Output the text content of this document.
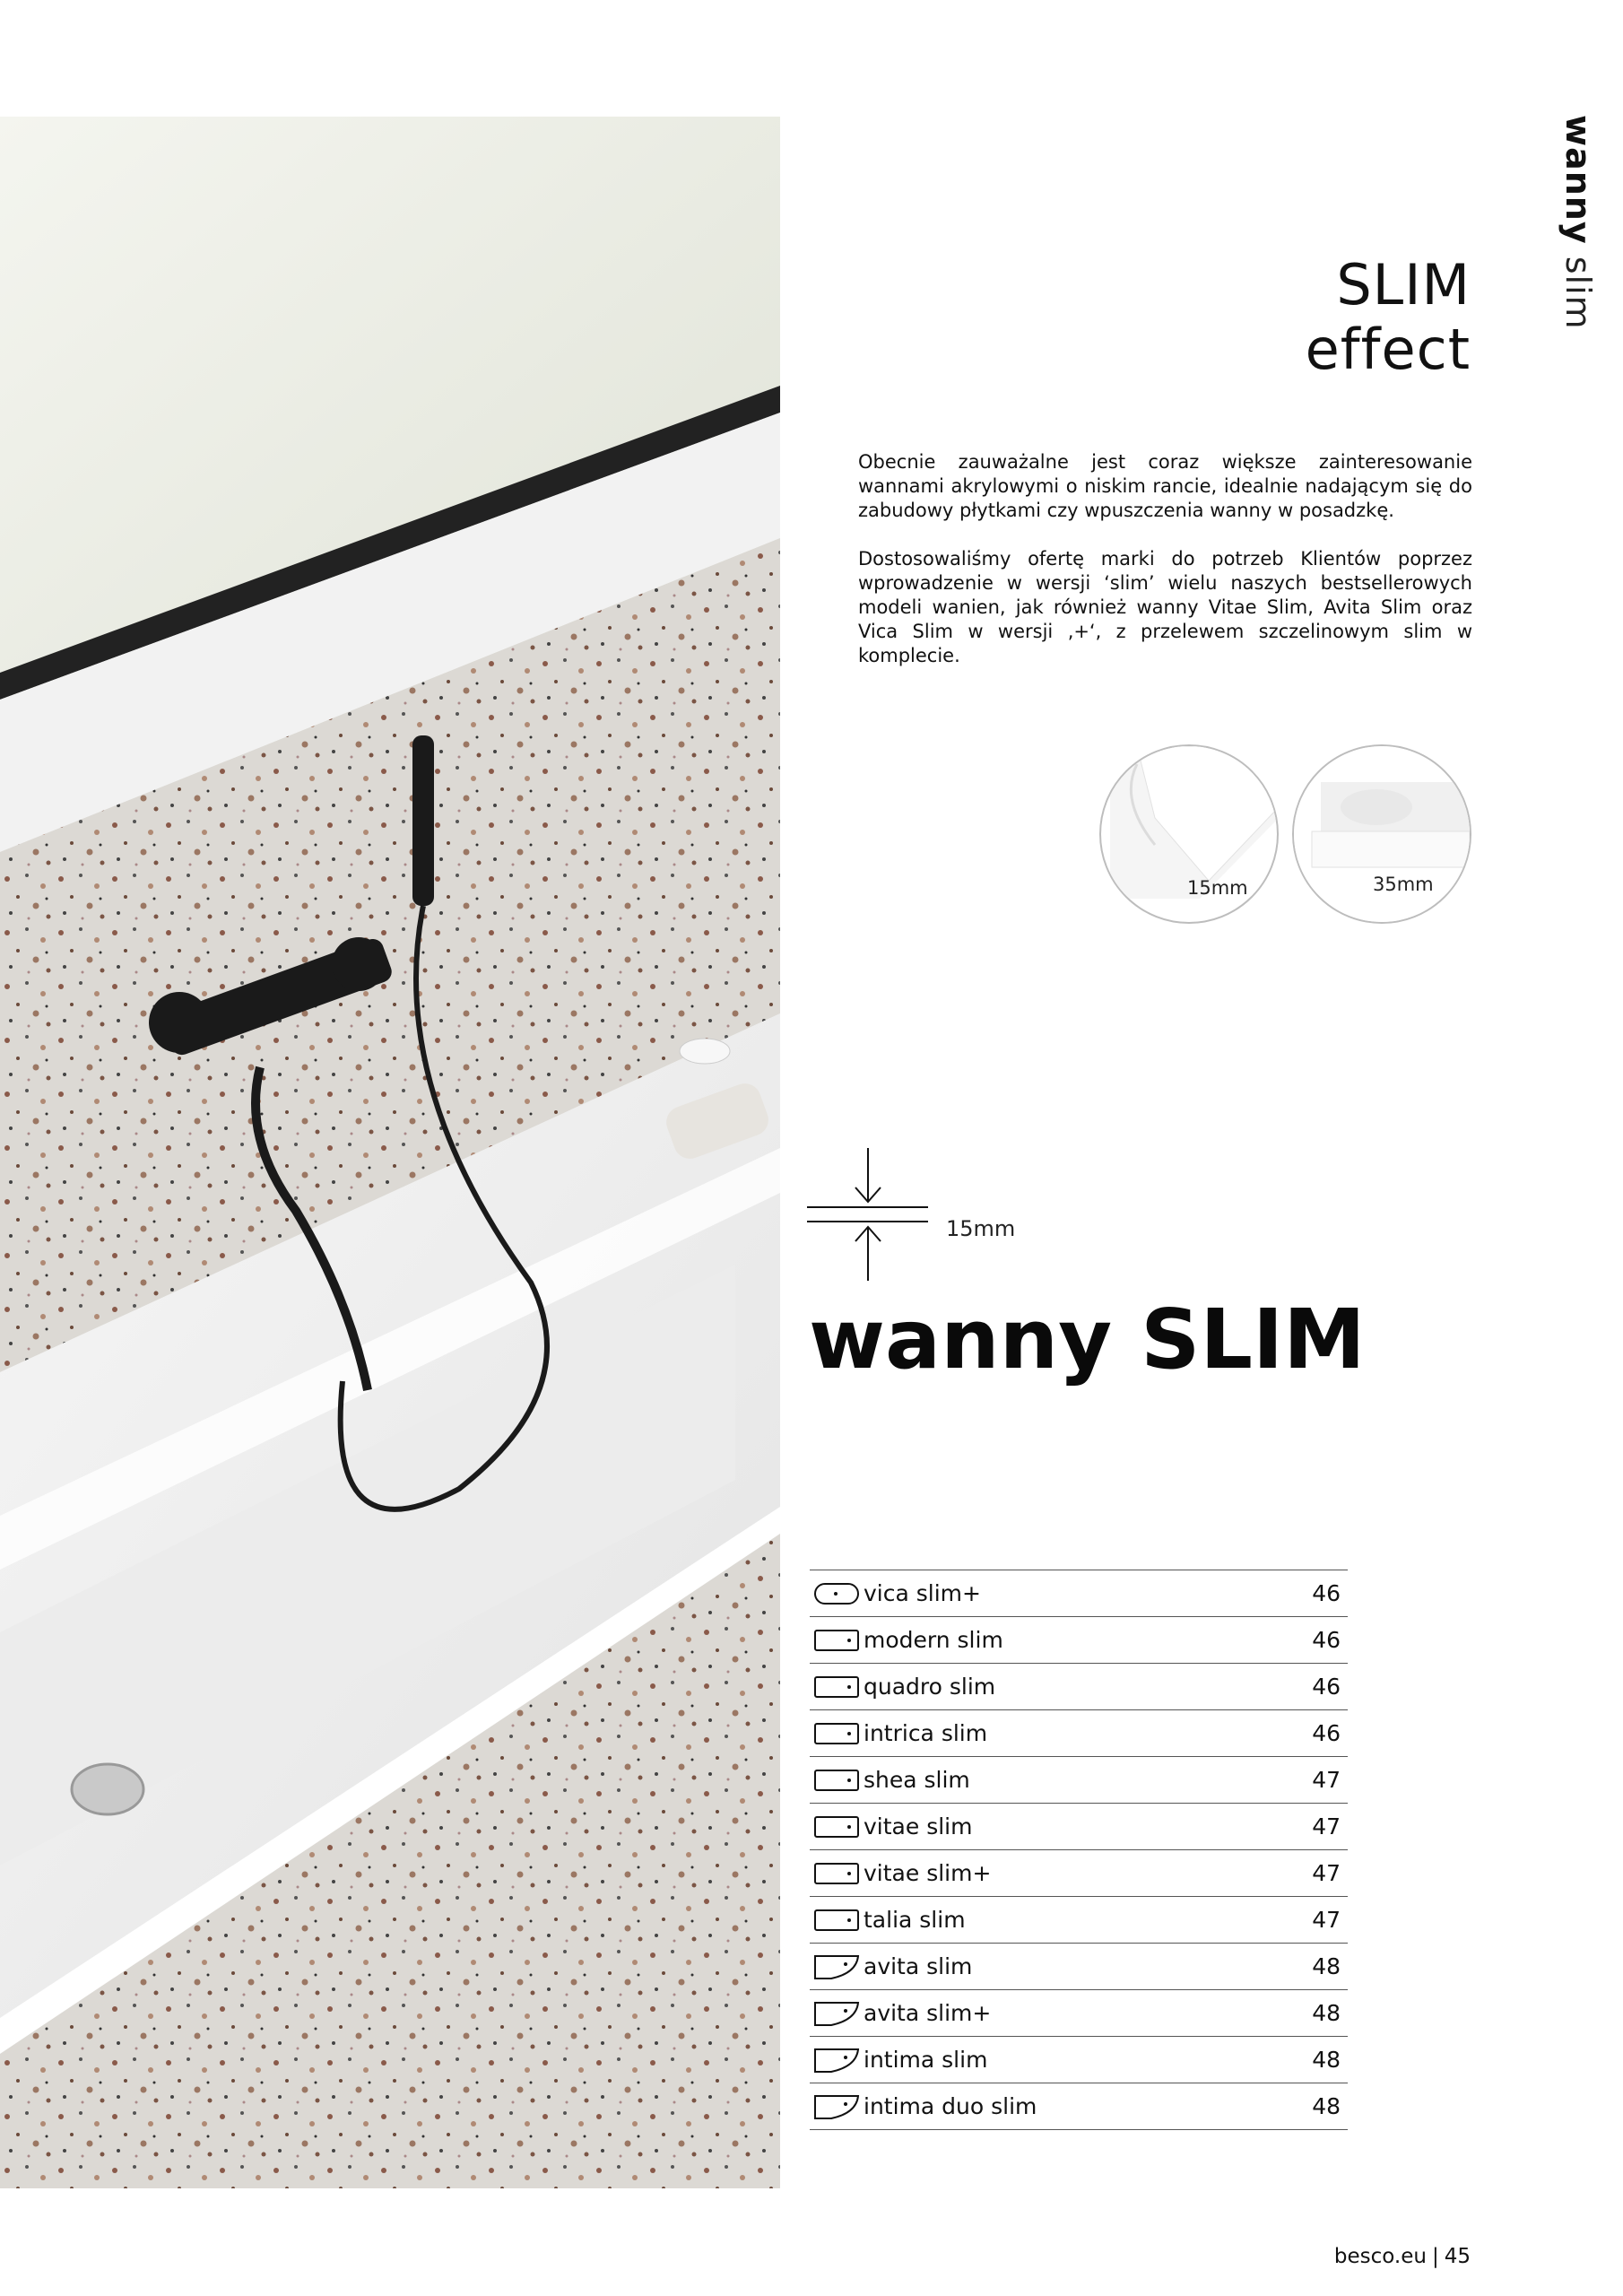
wanny slim
SLIM
effect

Obecnie zauważalne jest coraz większe zainteresowanie wannami akrylowymi o niskim rancie, idealnie nadającym się do zabudowy płytkami czy wpuszczenia wanny w posadzkę.

Dostosowaliśmy ofertę marki do potrzeb Klientów poprzez wprowadzenie w wersji ‘slim’ wielu naszych bestsellerowych modeli wanien, jak również wanny Vitae Slim, Avita Slim oraz Vica Slim w wersji ‚+‘, z przelewem szczelinowym slim w komplecie.

15mm	35mm
15mm
wanny SLIM
vica slim+	46
modern slim	46
quadro slim	46
intrica slim	46
shea slim	47
vitae slim	47
vitae slim+	47
talia slim	47
avita slim	48
avita slim+	48
intima slim	48
intima duo slim	48
besco.eu | 45
